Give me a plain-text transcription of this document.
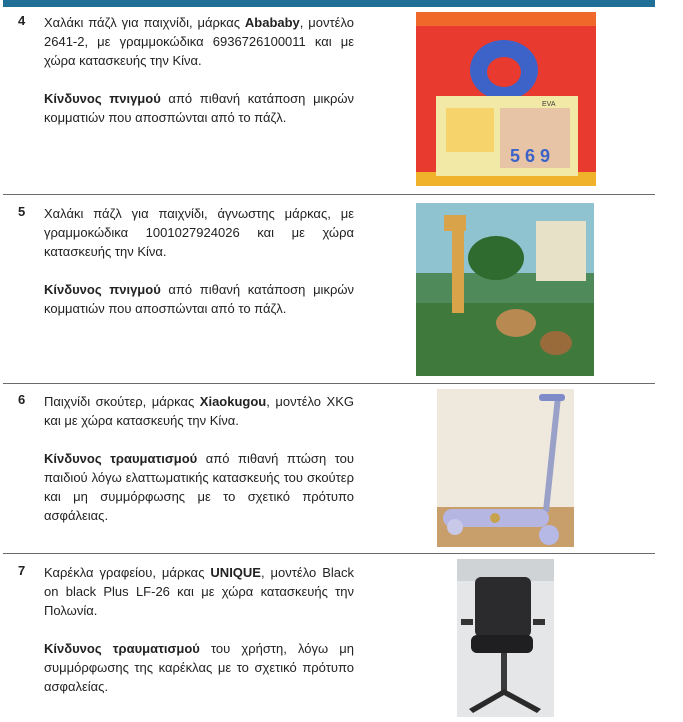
4 Χαλάκι πάζλ για παιχνίδι, μάρκας Abababy, μοντέλο 2641-2, με γραμμοκώδικα 6936726100011 και με χώρα κατασκευής την Κίνα.

Κίνδυνος πνιγμού από πιθανή κατάποση μικρών κομματιών που αποσπώνται από το πάζλ.

EVA
5 6 9
5 Χαλάκι πάζλ για παιχνίδι, άγνωστης μάρκας, με γραμμοκώδικα 1001027924026 και με χώρα κατασκευής την Κίνα.

Κίνδυνος πνιγμού από πιθανή κατάποση μικρών κομματιών που αποσπώνται από το πάζλ.

6 Παιχνίδι σκούτερ, μάρκας Xiaokugou, μοντέλο XKG και με χώρα κατασκευής την Κίνα.

Κίνδυνος τραυματισμού από πιθανή πτώση του παιδιού λόγω ελαττωματικής κατασκευής του σκούτερ και μη συμμόρφωσης με το σχετικό πρότυπο ασφάλειας.

7 Καρέκλα γραφείου, μάρκας UNIQUE, μοντέλο Black on black Plus LF-26 και με χώρα κατασκευής την Πολωνία.

Κίνδυνος τραυματισμού του χρήστη, λόγω μη συμμόρφωσης της καρέκλας με το σχετικό πρότυπο ασφαλείας.
